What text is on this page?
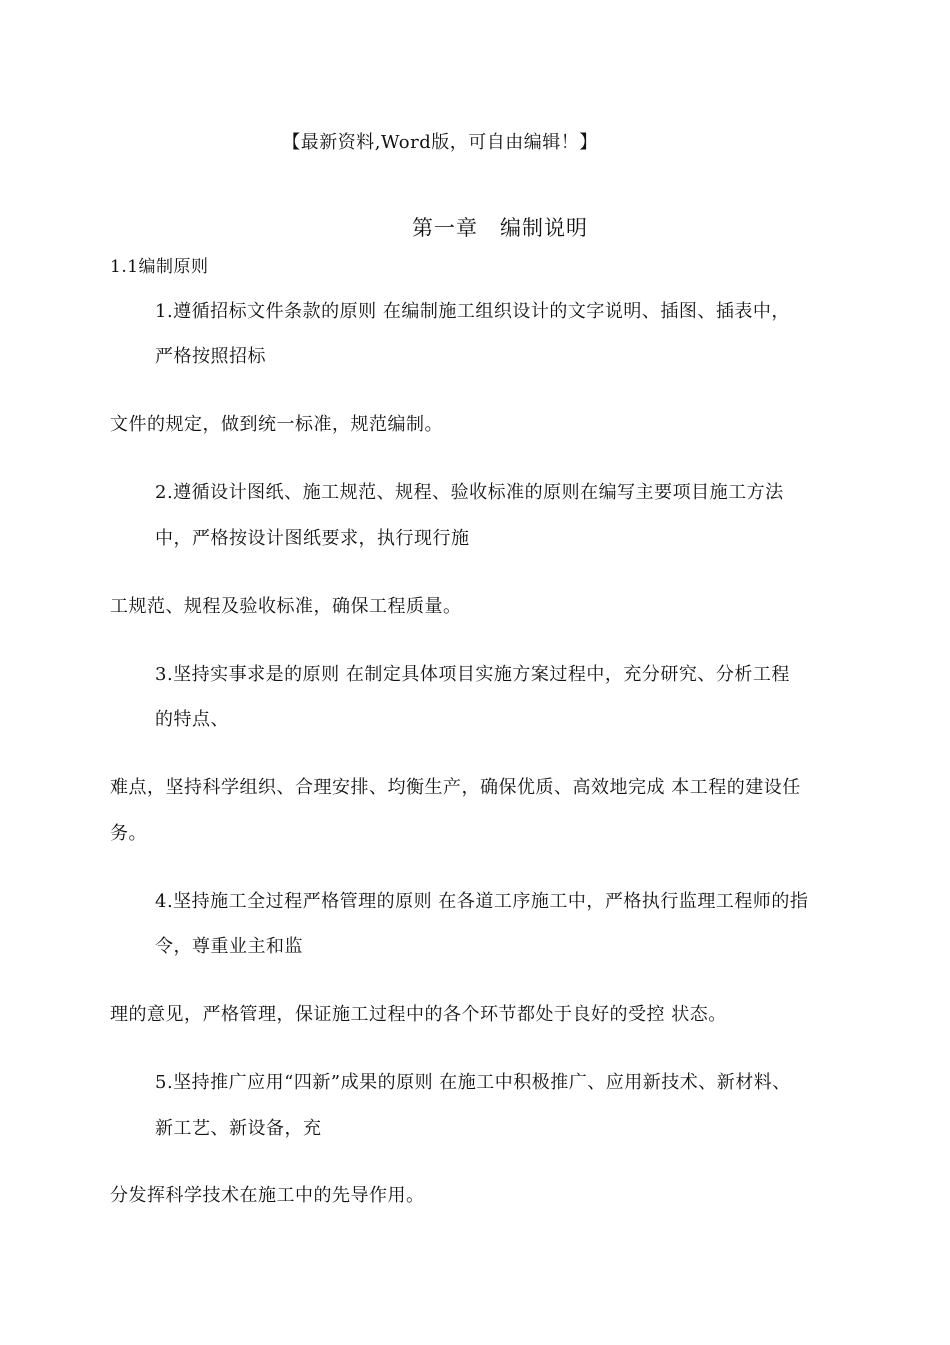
【最新资料,Word版，可自由编辑！】
第一章　编制说明
1.1编制原则
1.遵循招标文件条款的原则 在编制施工组织设计的文字说明、插图、插表中，
严格按照招标
文件的规定，做到统一标准，规范编制。
2.遵循设计图纸、施工规范、规程、验收标准的原则在编写主要项目施工方法
中，严格按设计图纸要求，执行现行施
工规范、规程及验收标准，确保工程质量。
3.坚持实事求是的原则 在制定具体项目实施方案过程中，充分研究、分析工程
的特点、
难点，坚持科学组织、合理安排、均衡生产，确保优质、高效地完成 本工程的建设任
务。
4.坚持施工全过程严格管理的原则 在各道工序施工中，严格执行监理工程师的指
令，尊重业主和监
理的意见，严格管理，保证施工过程中的各个环节都处于良好的受控 状态。
5.坚持推广应用“四新”成果的原则 在施工中积极推广、应用新技术、新材料、
新工艺、新设备，充
分发挥科学技术在施工中的先导作用。
